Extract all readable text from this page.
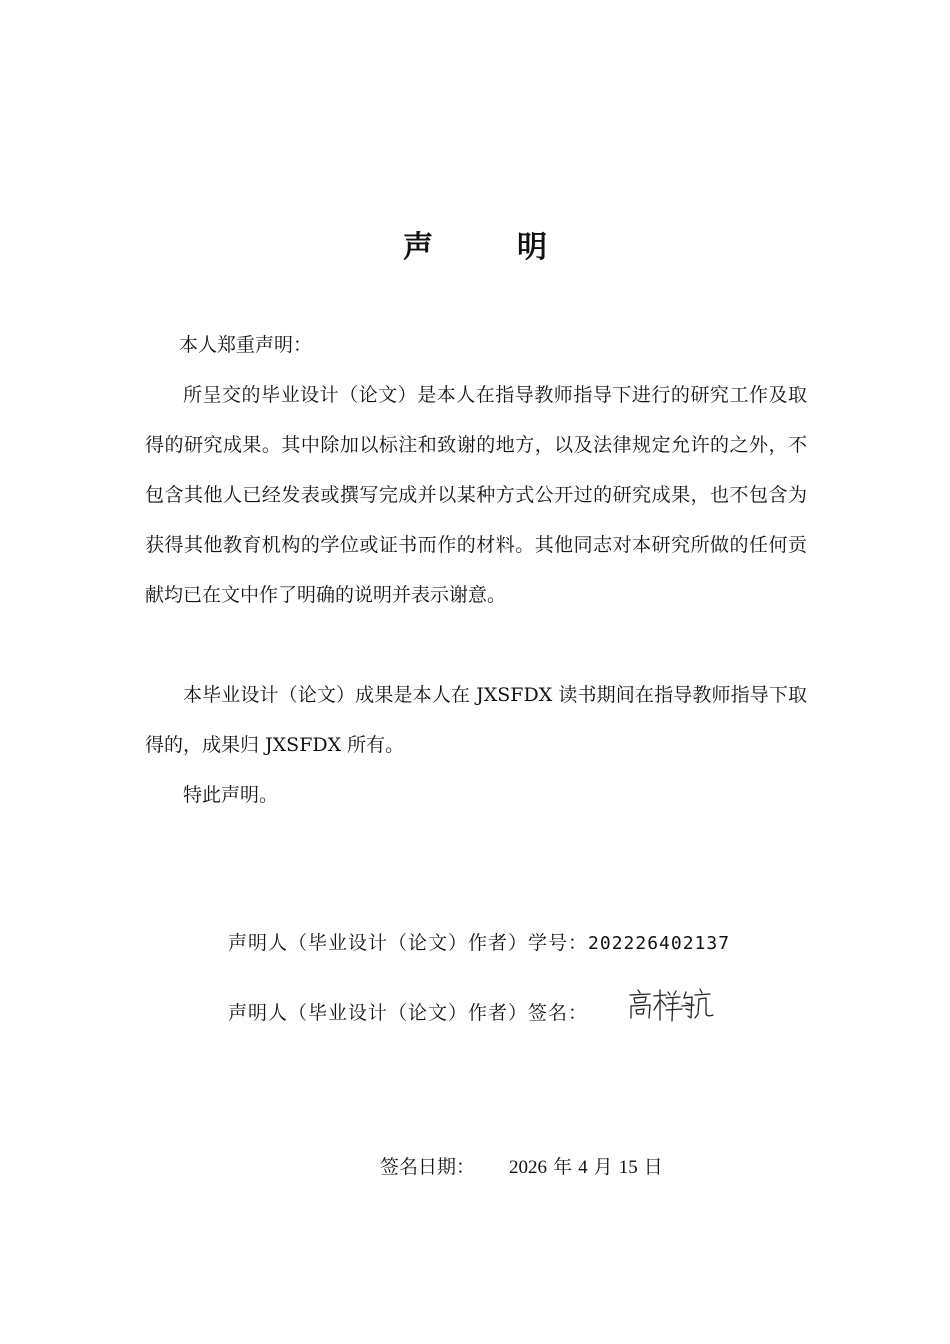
声	明
本人郑重声明：
所呈交的毕业设计（论文）是本人在指导教师指导下进行的研究工作及取得的研究成果。其中除加以标注和致谢的地方，以及法律规定允许的之外，不包含其他人已经发表或撰写完成并以某种方式公开过的研究成果，也不包含为获得其他教育机构的学位或证书而作的材料。其他同志对本研究所做的任何贡献均已在文中作了明确的说明并表示谢意。
本毕业设计（论文）成果是本人在 JXSFDX 读书期间在指导教师指导下取得的，成果归 JXSFDX 所有。
特此声明。
声明人（毕业设计（论文）作者）学号：202226402137
声明人（毕业设计（论文）作者）签名：
签名日期： 2026 年 4 月 15 日
